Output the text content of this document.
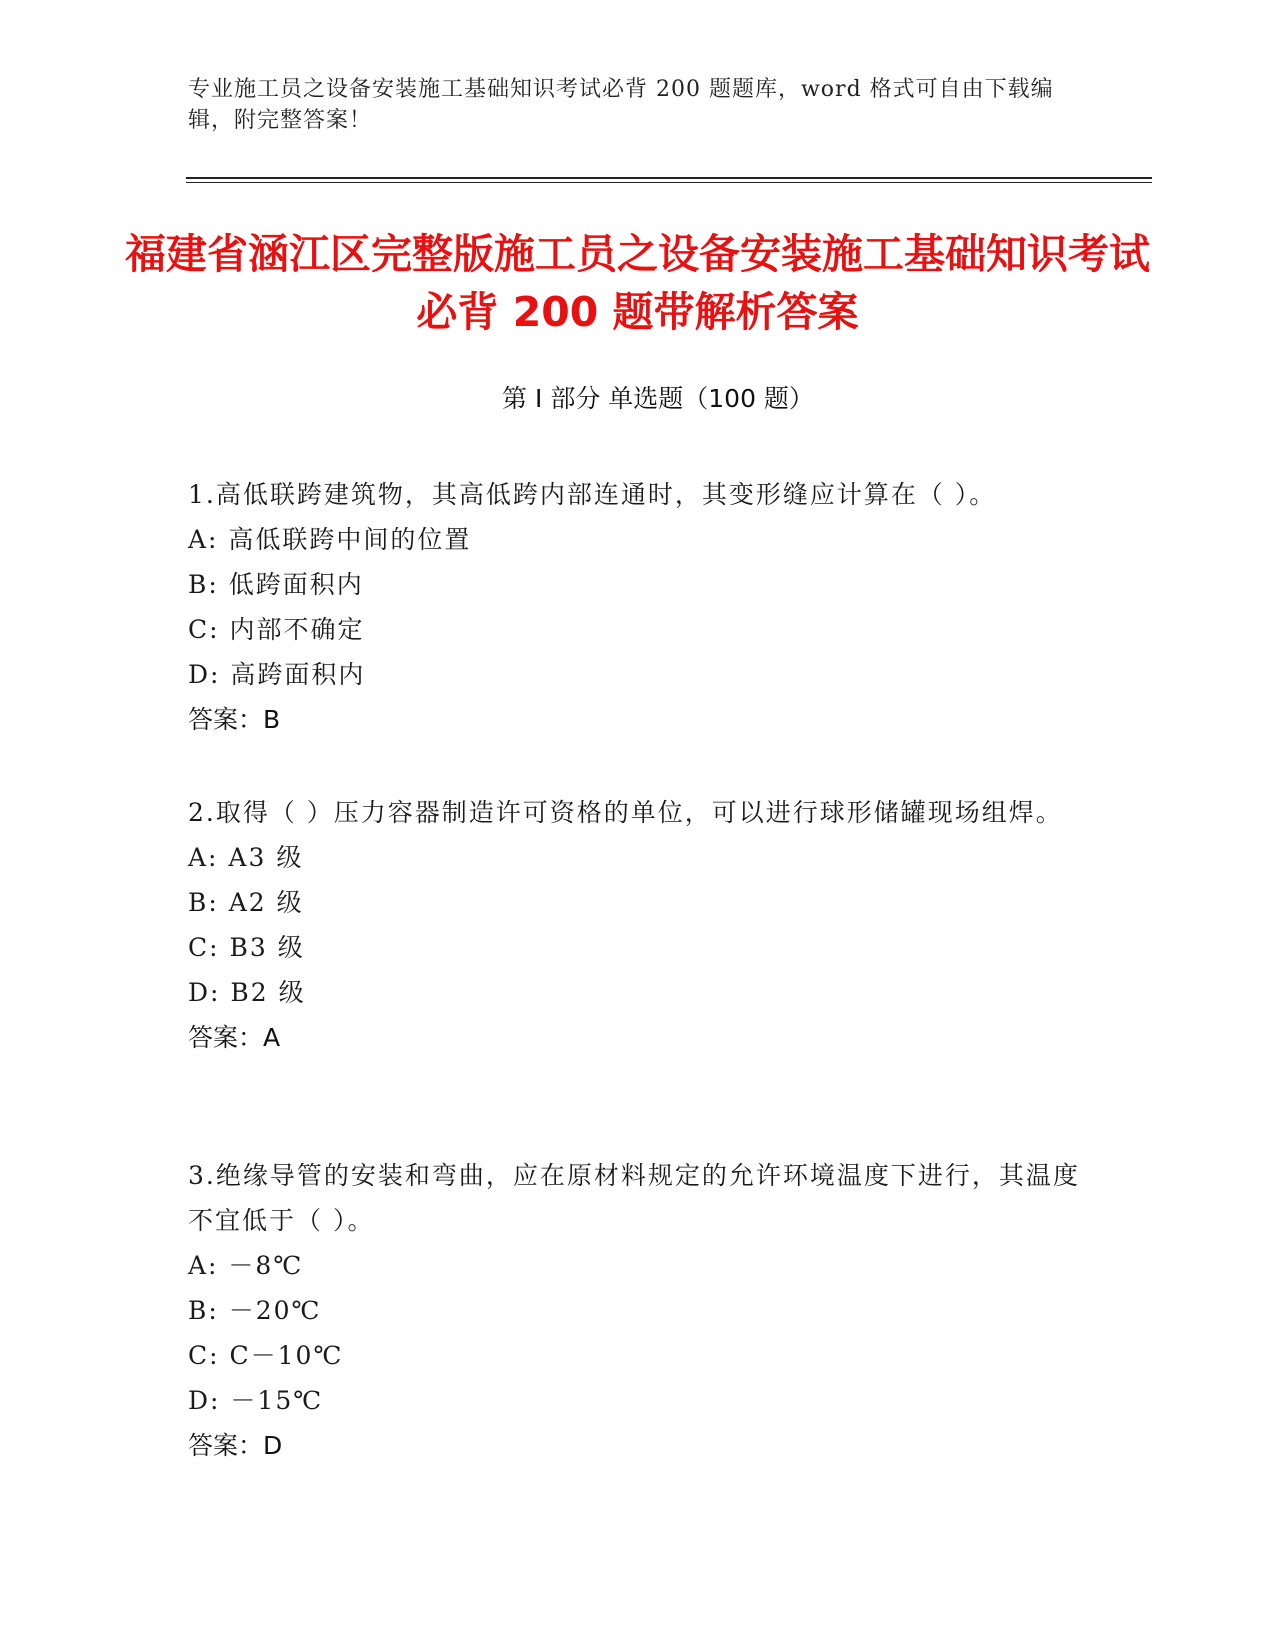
专业施工员之设备安装施工基础知识考试必背 200 题题库，word 格式可自由下载编辑，附完整答案！
福建省涵江区完整版施工员之设备安装施工基础知识考试必背 200 题带解析答案
第 I 部分 单选题（100 题）
1.高低联跨建筑物，其高低跨内部连通时，其变形缝应计算在（ ）。
A: 高低联跨中间的位置
B: 低跨面积内
C: 内部不确定
D: 高跨面积内
答案：B
2.取得（ ）压力容器制造许可资格的单位，可以进行球形储罐现场组焊。
A: A3 级
B: A2 级
C: B3 级
D: B2 级
答案：A
3.绝缘导管的安装和弯曲，应在原材料规定的允许环境温度下进行，其温度不宜低于（ ）。
A: －8℃
B: －20℃
C: C－10℃
D: －15℃
答案：D
